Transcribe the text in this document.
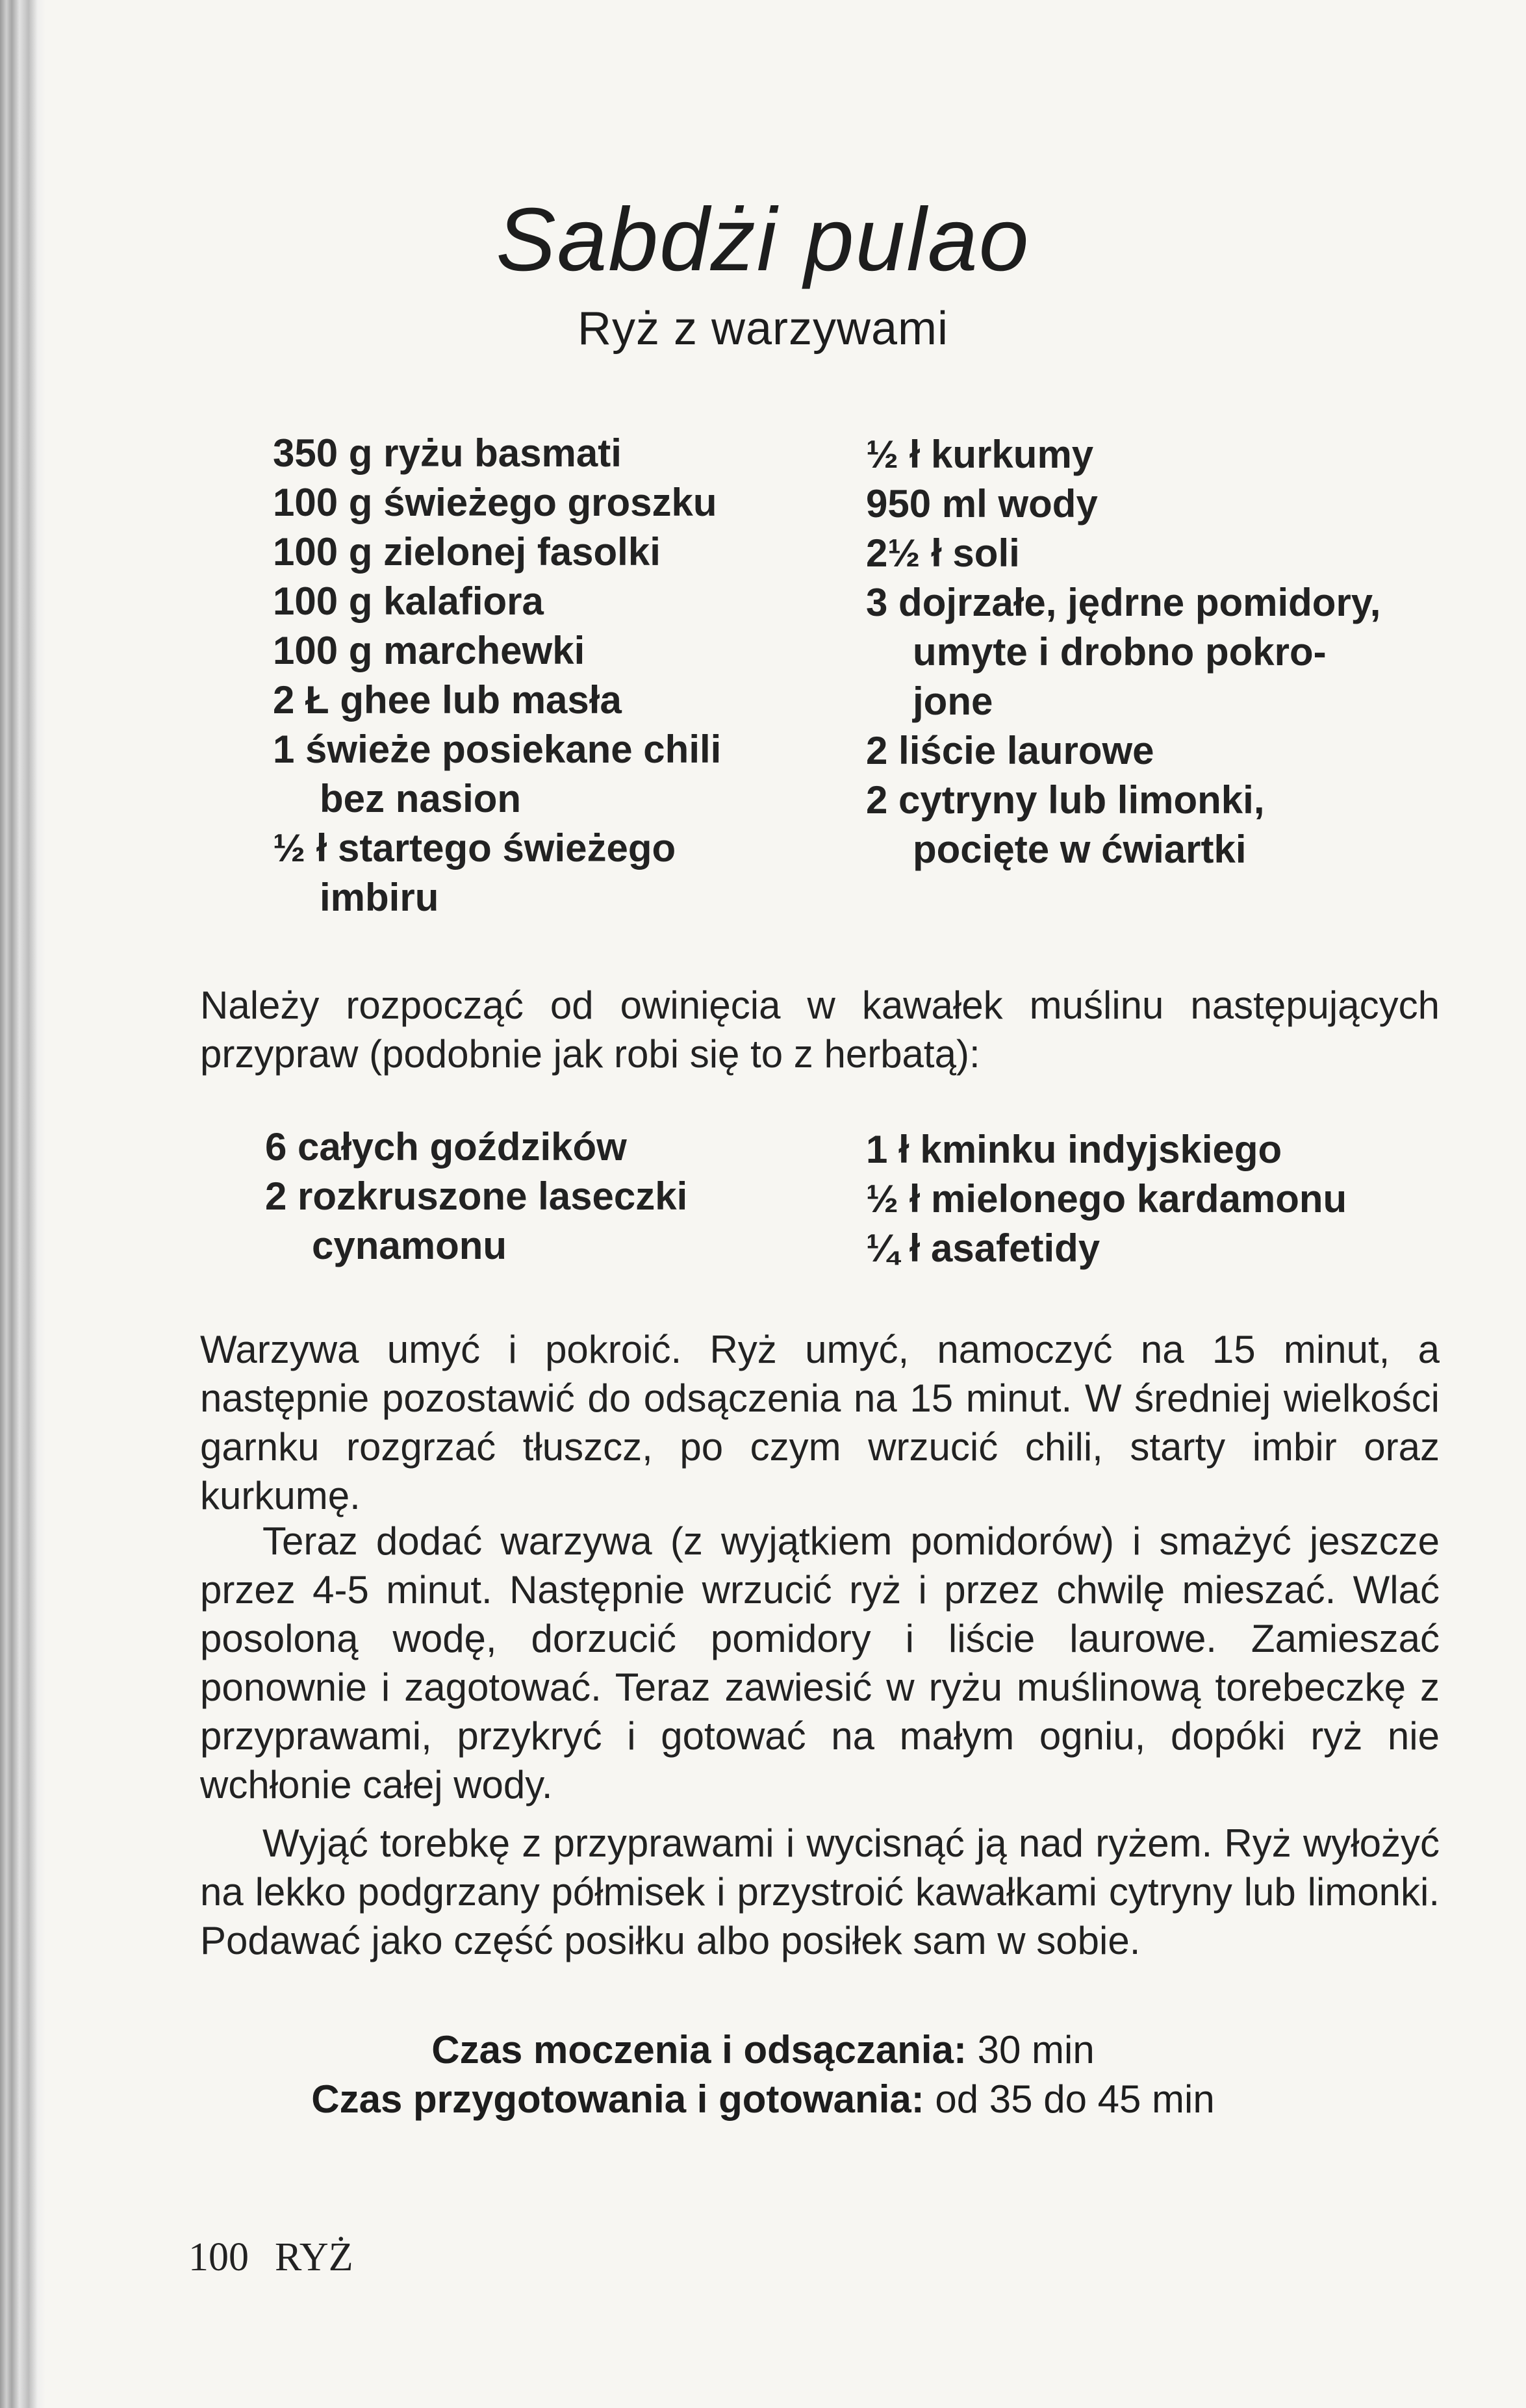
Sabdżi pulao
Ryż z warzywami
350 g ryżu basmati
100 g świeżego groszku
100 g zielonej fasolki
100 g kalafiora
100 g marchewki
2 Ł ghee lub masła
1 świeże posiekane chili
bez nasion
½ ł startego świeżego
imbiru
½ ł kurkumy
950 ml wody
2½ ł soli
3 dojrzałe, jędrne pomidory,
umyte i drobno pokro-
jone
2 liście laurowe
2 cytryny lub limonki,
pocięte w ćwiartki

Należy rozpocząć od owinięcia w kawałek muślinu następujących przypraw (podobnie jak robi się to z herbatą):

6 całych goździków
2 rozkruszone laseczki
cynamonu
1 ł kminku indyjskiego
½ ł mielonego kardamonu
¼ ł asafetidy

Warzywa umyć i pokroić. Ryż umyć, namoczyć na 15 minut, a następnie pozostawić do odsączenia na 15 minut. W średniej wielkości garnku rozgrzać tłuszcz, po czym wrzucić chili, starty imbir oraz kurkumę.

Teraz dodać warzywa (z wyjątkiem pomidorów) i smażyć jeszcze przez 4-5 minut. Następnie wrzucić ryż i przez chwilę mieszać. Wlać posoloną wodę, dorzucić pomidory i liście laurowe. Zamieszać ponownie i zagotować. Teraz zawiesić w ryżu muślinową torebeczkę z przyprawami, przykryć i gotować na małym ogniu, dopóki ryż nie wchłonie całej wody.

Wyjąć torebkę z przyprawami i wycisnąć ją nad ryżem. Ryż wyłożyć na lekko podgrzany półmisek i przystroić kawałkami cytryny lub limonki. Podawać jako część posiłku albo posiłek sam w sobie.

Czas moczenia i odsączania: 30 min
Czas przygotowania i gotowania: od 35 do 45 min
100 RYŻ
